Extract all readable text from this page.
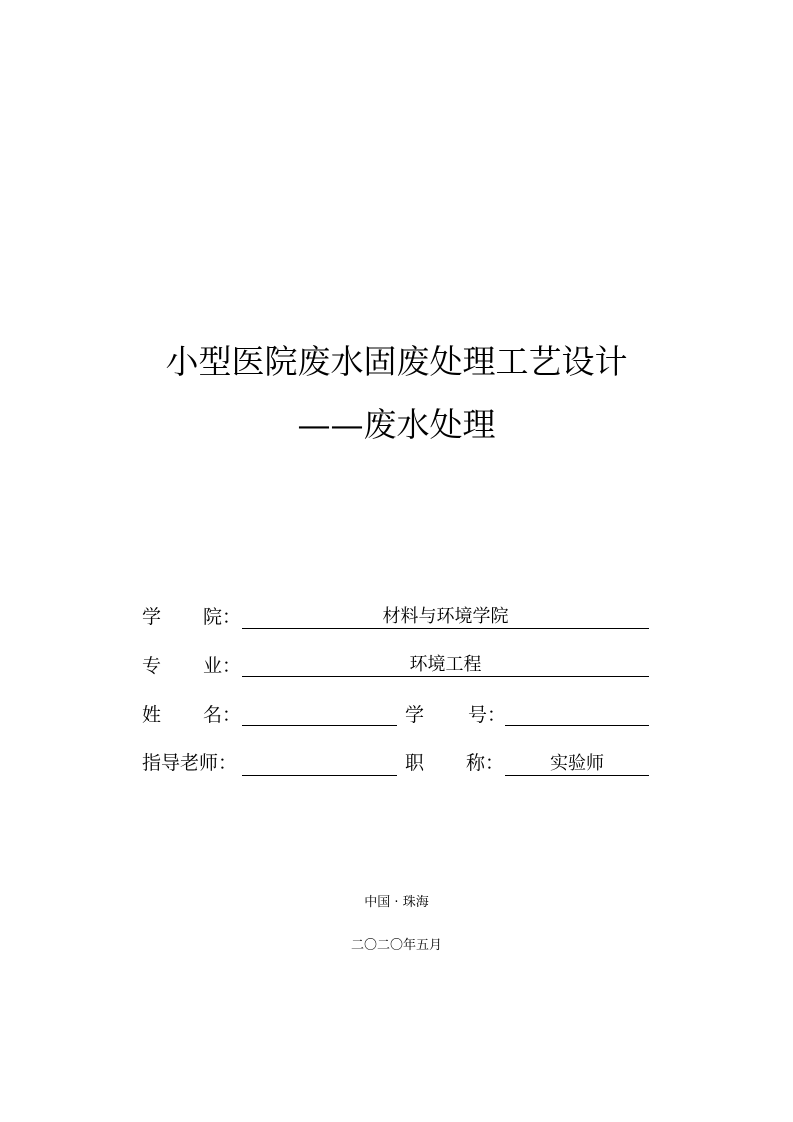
小型医院废水固废处理工艺设计
——废水处理
学 院：	材料与环境学院
专 业：	环境工程
姓 名：	学 号：
指导老师：	职 称：	实验师
中国 · 珠海
二〇二〇年五月
